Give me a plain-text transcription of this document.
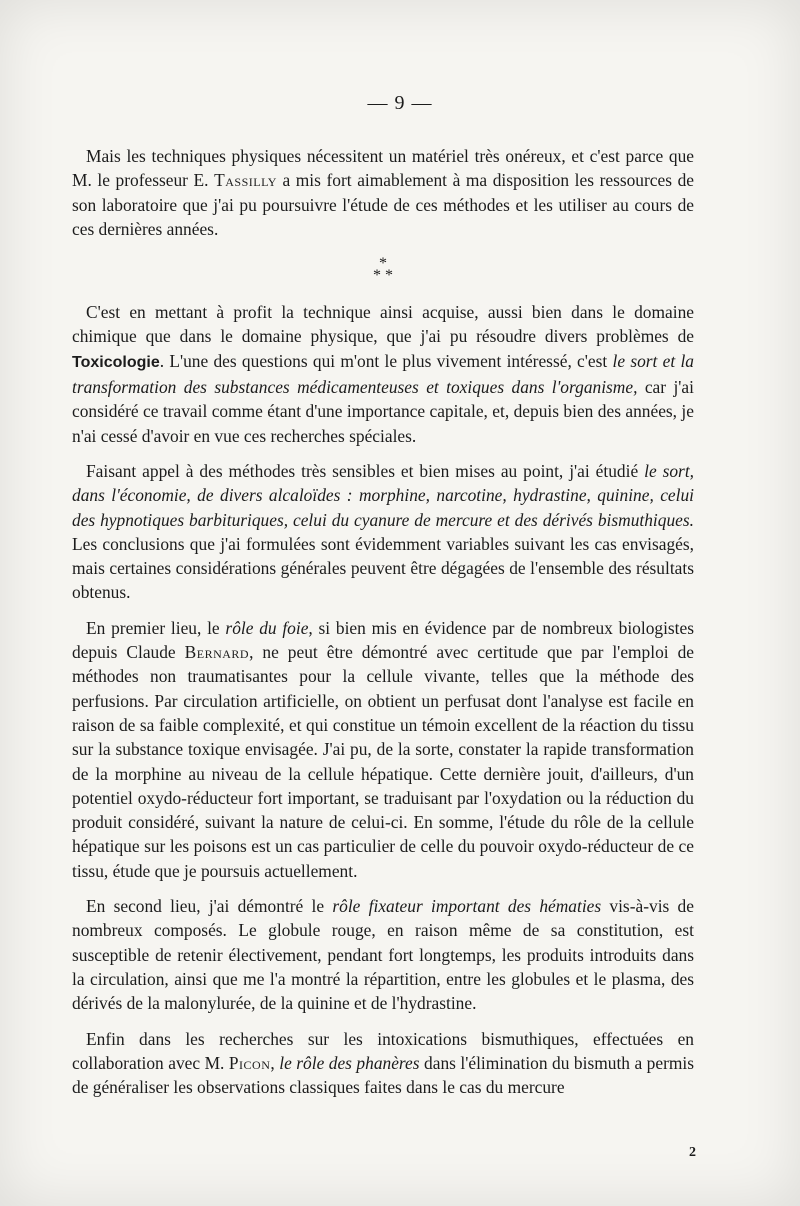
— 9 —

Mais les techniques physiques nécessitent un matériel très onéreux, et c'est parce que M. le professeur E. Tassilly a mis fort aimablement à ma disposition les ressources de son laboratoire que j'ai pu poursuivre l'étude de ces méthodes et les utiliser au cours de ces dernières années.

*
* *

C'est en mettant à profit la technique ainsi acquise, aussi bien dans le domaine chimique que dans le domaine physique, que j'ai pu résoudre divers problèmes de Toxicologie. L'une des questions qui m'ont le plus vivement intéressé, c'est le sort et la transformation des substances médicamenteuses et toxiques dans l'organisme, car j'ai considéré ce travail comme étant d'une importance capitale, et, depuis bien des années, je n'ai cessé d'avoir en vue ces recherches spéciales.

Faisant appel à des méthodes très sensibles et bien mises au point, j'ai étudié le sort, dans l'économie, de divers alcaloïdes : morphine, narcotine, hydrastine, quinine, celui des hypnotiques barbituriques, celui du cyanure de mercure et des dérivés bismuthiques. Les conclusions que j'ai formulées sont évidemment variables suivant les cas envisagés, mais certaines considérations générales peuvent être dégagées de l'ensemble des résultats obtenus.

En premier lieu, le rôle du foie, si bien mis en évidence par de nombreux biologistes depuis Claude Bernard, ne peut être démontré avec certitude que par l'emploi de méthodes non traumatisantes pour la cellule vivante, telles que la méthode des perfusions. Par circulation artificielle, on obtient un perfusat dont l'analyse est facile en raison de sa faible complexité, et qui constitue un témoin excellent de la réaction du tissu sur la substance toxique envisagée. J'ai pu, de la sorte, constater la rapide transformation de la morphine au niveau de la cellule hépatique. Cette dernière jouit, d'ailleurs, d'un potentiel oxydo-réducteur fort important, se traduisant par l'oxydation ou la réduction du produit considéré, suivant la nature de celui-ci. En somme, l'étude du rôle de la cellule hépatique sur les poisons est un cas particulier de celle du pouvoir oxydo-réducteur de ce tissu, étude que je poursuis actuellement.

En second lieu, j'ai démontré le rôle fixateur important des hématies vis-à-vis de nombreux composés. Le globule rouge, en raison même de sa constitution, est susceptible de retenir électivement, pendant fort longtemps, les produits introduits dans la circulation, ainsi que me l'a montré la répartition, entre les globules et le plasma, des dérivés de la malonylurée, de la quinine et de l'hydrastine.

Enfin dans les recherches sur les intoxications bismuthiques, effectuées en collaboration avec M. Picon, le rôle des phanères dans l'élimination du bismuth a permis de généraliser les observations classiques faites dans le cas du mercure

2
